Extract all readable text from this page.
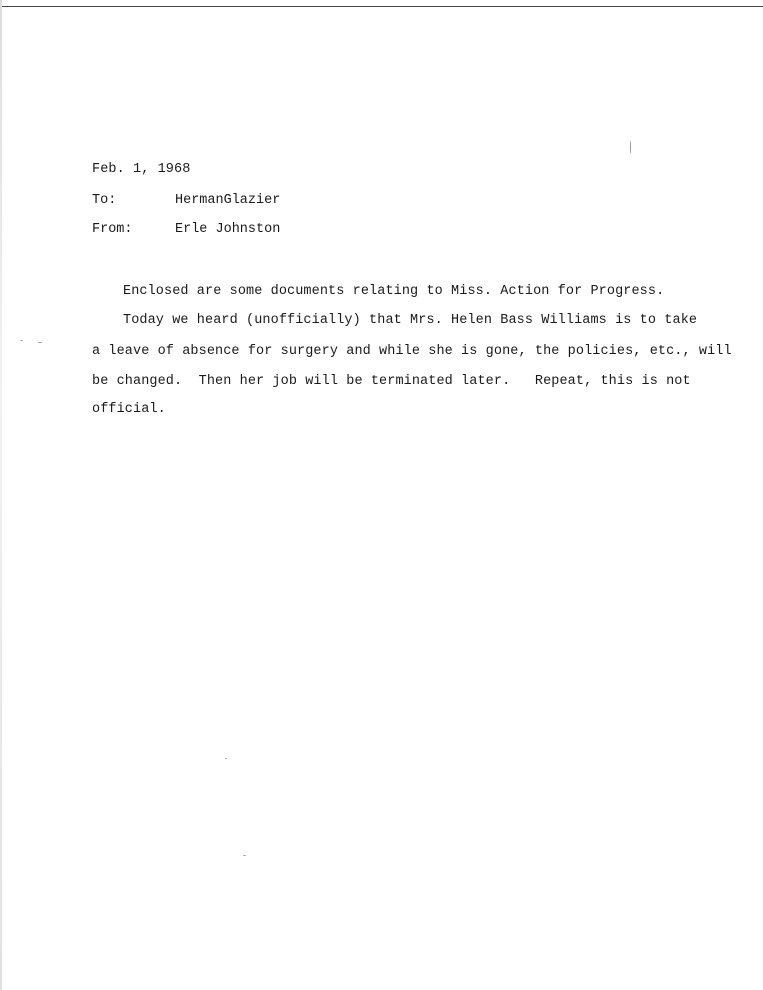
Feb. 1, 1968
To:	HermanGlazier
From:	Erle Johnston
Enclosed are some documents relating to Miss. Action for Progress.
Today we heard (unofficially) that Mrs. Helen Bass Williams is to take
a leave of absence for surgery and while she is gone, the policies, etc., will
be changed.  Then her job will be terminated later.   Repeat, this is not
official.
